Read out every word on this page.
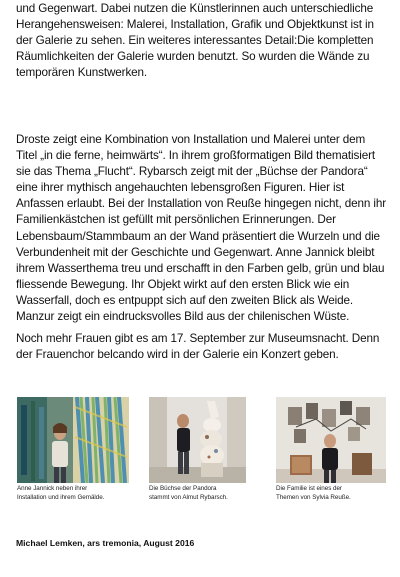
und Gegenwart. Dabei nutzen die Künstlerinnen auch unterschiedliche Herangehensweisen: Malerei, Installation, Grafik und Objektkunst ist in der Galerie zu sehen. Ein weiteres interessantes Detail:Die kompletten Räumlichkeiten der Galerie wurden benutzt. So wurden die Wände zu temporären Kunstwerken.

Droste zeigt eine Kombination von Installation und Malerei unter dem Titel „in die ferne, heimwärts“. In ihrem großformatigen Bild thematisiert sie das Thema „Flucht“. Rybarsch zeigt mit der „Büchse der Pandora“ eine ihrer mythisch angehauchten lebensgroßen Figuren. Hier ist Anfassen erlaubt. Bei der Installation von Reuße hingegen nicht, denn ihr Familienkästchen ist gefüllt mit persönlichen Erinnerungen. Der Lebensbaum/Stammbaum an der Wand präsentiert die Wurzeln und die Verbundenheit mit der Geschichte und Gegenwart. Anne Jannick bleibt ihrem Wasserthema treu und erschafft in den Farben gelb, grün und blau fliessende Bewegung. Ihr Objekt wirkt auf den ersten Blick wie ein Wasserfall, doch es entpuppt sich auf den zweiten Blick als Weide. Manzur zeigt ein eindrucksvolles Bild aus der chilenischen Wüste.

Noch mehr Frauen gibt es am 17. September zur Museumsnacht. Denn der Frauenchor belcando wird in der Galerie ein Konzert geben.

Anne Jannick neben ihrer
Installation und ihrem Gemälde.
Die Büchse der Pandora
stammt von Almut Rybarsch.
Die Familie ist eines der
Themen von Sylvia Reuße.
Michael Lemken, ars tremonia, August 2016
